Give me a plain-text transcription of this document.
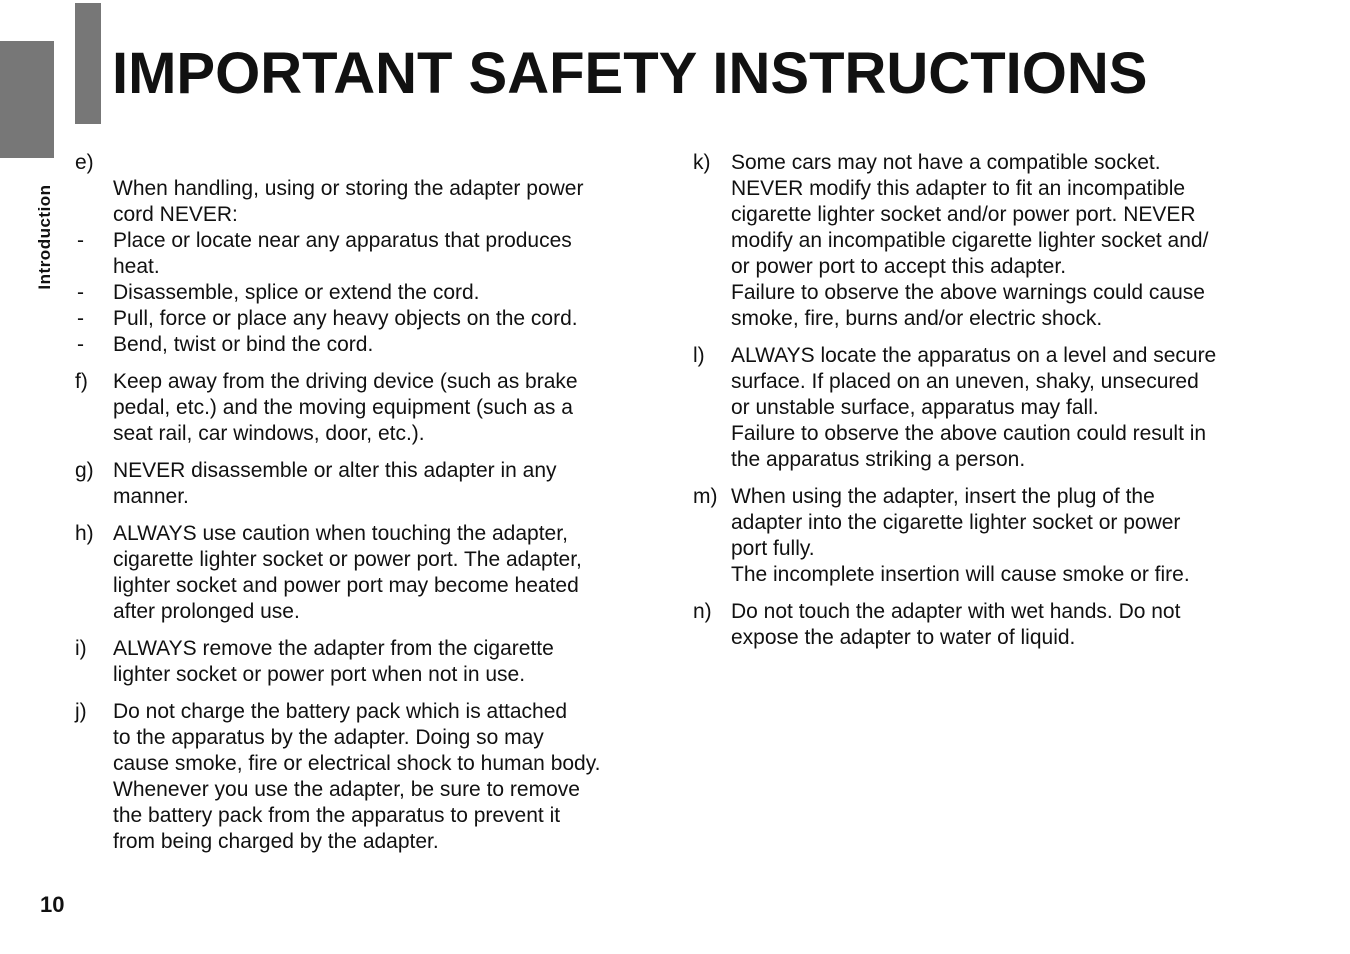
Introduction
IMPORTANT SAFETY INSTRUCTIONS
e)

When handling, using or storing the adapter power
cord NEVER:

-	Place or locate near any apparatus that produces
heat.
-	Disassemble, splice or extend the cord.
-	Pull, force or place any heavy objects on the cord.
-	Bend, twist or bind the cord.
f)	Keep away from the driving device (such as brake
pedal, etc.) and the moving equipment (such as a
seat rail, car windows, door, etc.).
g) NEVER disassemble or alter this adapter in any
manner.
h) ALWAYS use caution when touching the adapter,
cigarette lighter socket or power port. The adapter,
lighter socket and power port may become heated
after prolonged use.
i)	ALWAYS remove the adapter from the cigarette
lighter socket or power port when not in use.
j)	Do not charge the battery pack which is attached
to the apparatus by the adapter. Doing so may
cause smoke, fire or electrical shock to human body.
Whenever you use the adapter, be sure to remove
the battery pack from the apparatus to prevent it
from being charged by the adapter.
k) Some cars may not have a compatible socket.
NEVER modify this adapter to fit an incompatible
cigarette lighter socket and/or power port. NEVER
modify an incompatible cigarette lighter socket and/
or power port to accept this adapter.
Failure to observe the above warnings could cause
smoke, fire, burns and/or electric shock.
l)	ALWAYS locate the apparatus on a level and secure
surface. If placed on an uneven, shaky, unsecured
or unstable surface, apparatus may fall.
Failure to observe the above caution could result in
the apparatus striking a person.
m) When using the adapter, insert the plug of the
adapter into the cigarette lighter socket or power
port fully.
The incomplete insertion will cause smoke or fire.
n) Do not touch the adapter with wet hands. Do not
expose the adapter to water of liquid.
10
